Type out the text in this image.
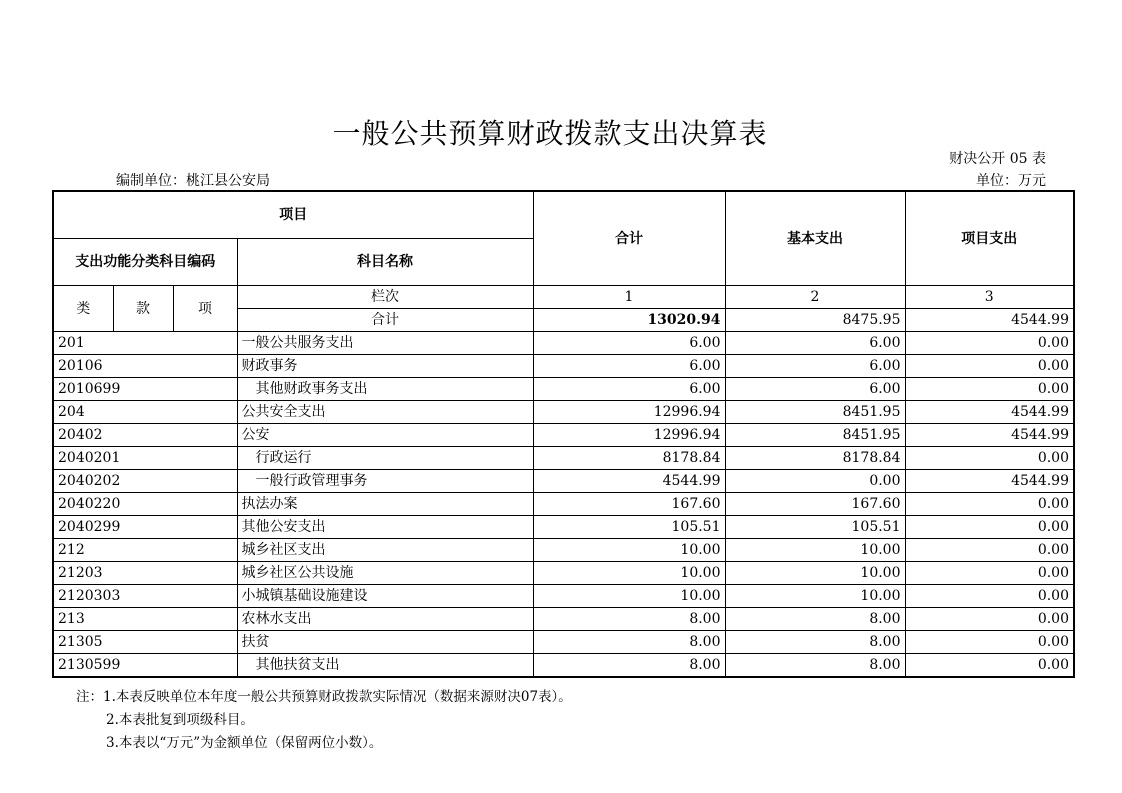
一般公共预算财政拨款支出决算表
财决公开 05 表
编制单位：桃江县公安局	单位：万元
项目				合计	基本支出	项目支出
支出功能分类科目编码			科目名称			
类	款	项	栏次	1	2	3
			合计	13020.94	8475.95	4544.99
201			一般公共服务支出	6.00	6.00	0.00
20106			财政事务	6.00	6.00	0.00
2010699			　其他财政事务支出	6.00	6.00	0.00
204			公共安全支出	12996.94	8451.95	4544.99
20402			公安	12996.94	8451.95	4544.99
2040201			　行政运行	8178.84	8178.84	0.00
2040202			　一般行政管理事务	4544.99	0.00	4544.99
2040220			执法办案	167.60	167.60	0.00
2040299			其他公安支出	105.51	105.51	0.00
212			城乡社区支出	10.00	10.00	0.00
21203			城乡社区公共设施	10.00	10.00	0.00
2120303			小城镇基础设施建设	10.00	10.00	0.00
213			农林水支出	8.00	8.00	0.00
21305			扶贫	8.00	8.00	0.00
2130599			　其他扶贫支出	8.00	8.00	0.00
注：1.本表反映单位本年度一般公共预算财政拨款实际情况（数据来源财决07表）。
2.本表批复到项级科目。
3.本表以“万元”为金额单位（保留两位小数）。
